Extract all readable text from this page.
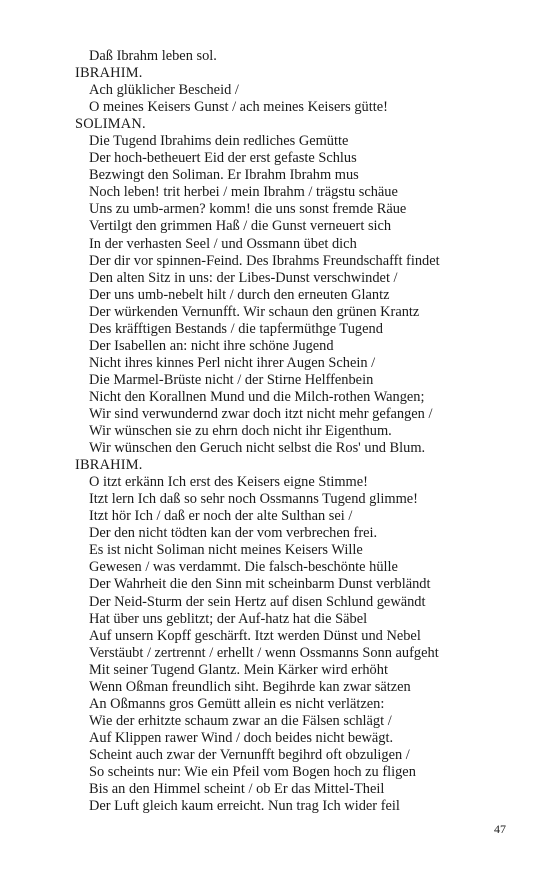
Daß Ibrahm leben sol.

IBRAHIM.

Ach glüklicher Bescheid /

O meines Keisers Gunst / ach meines Keisers gütte!

SOLIMAN.

Die Tugend Ibrahims dein redliches Gemütte

Der hoch-betheuert Eid der erst gefaste Schlus

Bezwingt den Soliman. Er Ibrahm Ibrahm mus

Noch leben! trit herbei / mein Ibrahm / trägstu schäue

Uns zu umb-armen? komm! die uns sonst fremde Räue

Vertilgt den grimmen Haß / die Gunst verneuert sich

In der verhasten Seel / und Ossmann übet dich

Der dir vor spinnen-Feind. Des Ibrahms Freundschafft findet

Den alten Sitz in uns: der Libes-Dunst verschwindet /

Der uns umb-nebelt hilt / durch den erneuten Glantz

Der würkenden Vernunfft. Wir schaun den grünen Krantz

Des kräfftigen Bestands / die tapfermüthge Tugend

Der Isabellen an: nicht ihre schöne Jugend

Nicht ihres kinnes Perl nicht ihrer Augen Schein /

Die Marmel-Brüste nicht / der Stirne Helffenbein

Nicht den Korallnen Mund und die Milch-rothen Wangen;

Wir sind verwundernd zwar doch itzt nicht mehr gefangen /

Wir wünschen sie zu ehrn doch nicht ihr Eigenthum.

Wir wünschen den Geruch nicht selbst die Ros' und Blum.

IBRAHIM.

O itzt erkänn Ich erst des Keisers eigne Stimme!

Itzt lern Ich daß so sehr noch Ossmanns Tugend glimme!

Itzt hör Ich / daß er noch der alte Sulthan sei /

Der den nicht tödten kan der vom verbrechen frei.

Es ist nicht Soliman nicht meines Keisers Wille

Gewesen / was verdammt. Die falsch-beschönte hülle

Der Wahrheit die den Sinn mit scheinbarm Dunst verbländt

Der Neid-Sturm der sein Hertz auf disen Schlund gewändt

Hat über uns geblitzt; der Auf-hatz hat die Säbel

Auf unsern Kopff geschärft. Itzt werden Dünst und Nebel

Verstäubt / zertrennt / erhellt / wenn Ossmanns Sonn aufgeht

Mit seiner Tugend Glantz. Mein Kärker wird erhöht

Wenn Oßman freundlich siht. Begihrde kan zwar sätzen

An Oßmanns gros Gemütt allein es nicht verlätzen:

Wie der erhitzte schaum zwar an die Fälsen schlägt /

Auf Klippen rawer Wind / doch beides nicht bewägt.

Scheint auch zwar der Vernunfft begihrd oft obzuligen /

So scheints nur: Wie ein Pfeil vom Bogen hoch zu fligen

Bis an den Himmel scheint / ob Er das Mittel-Theil

Der Luft gleich kaum erreicht. Nun trag Ich wider feil

47
